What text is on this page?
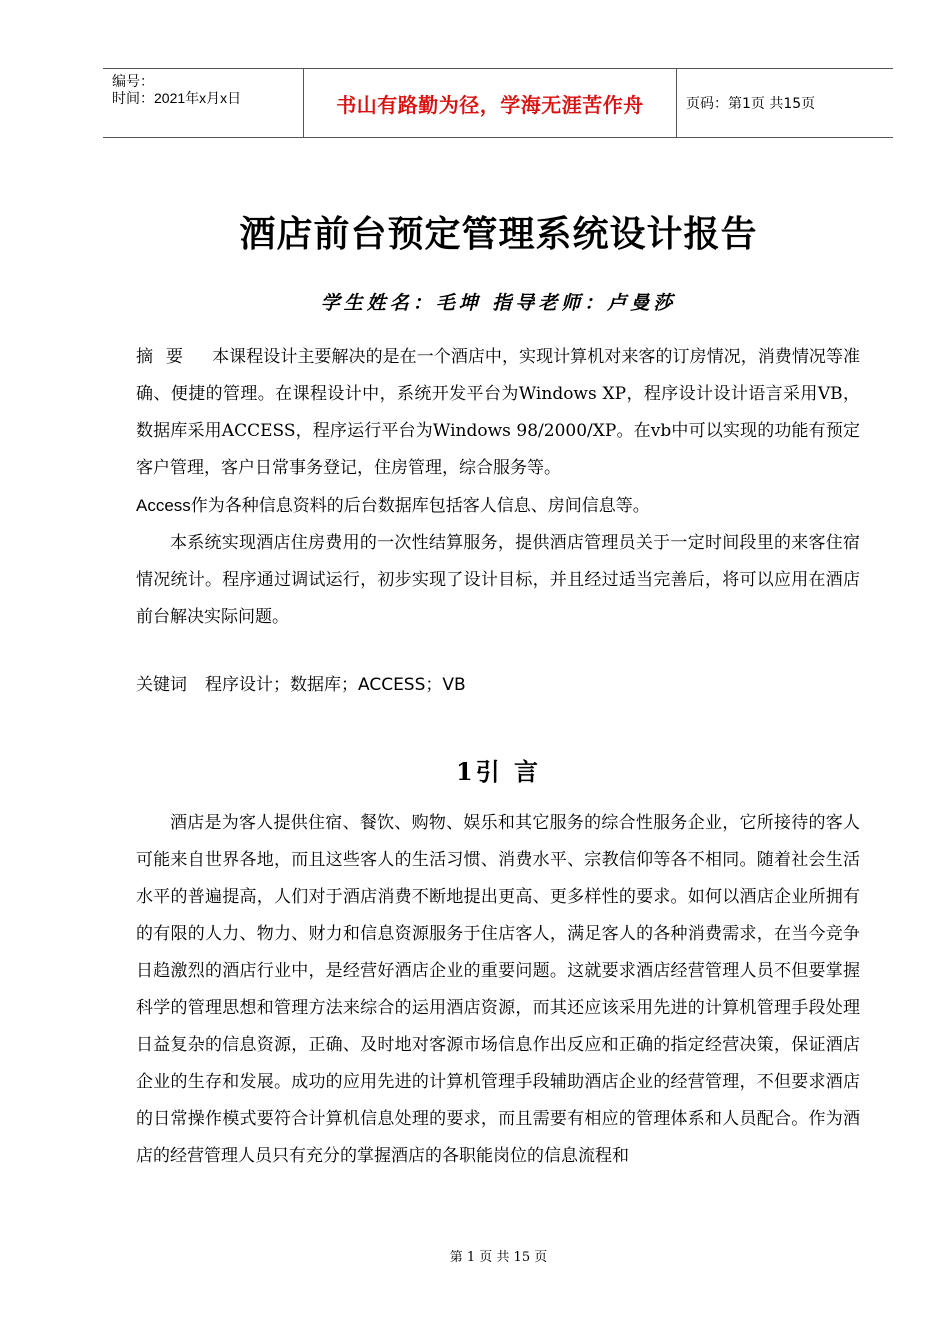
编号：
时间：2021年x月x日	书山有路勤为径，学海无涯苦作舟	页码：第1页 共15页
酒店前台预定管理系统设计报告
学生姓名：毛坤 指导老师：卢曼莎

摘要 本课程设计主要解决的是在一个酒店中，实现计算机对来客的订房情况，消费情况等准确、便捷的管理。在课程设计中，系统开发平台为Windows XP，程序设计设计语言采用VB，数据库采用ACCESS，程序运行平台为Windows 98/2000/XP。在vb中可以实现的功能有预定客户管理，客户日常事务登记，住房管理，综合服务等。
Access作为各种信息资料的后台数据库包括客人信息、房间信息等。

本系统实现酒店住房费用的一次性结算服务，提供酒店管理员关于一定时间段里的来客住宿情况统计。程序通过调试运行，初步实现了设计目标，并且经过适当完善后，将可以应用在酒店前台解决实际问题。

关键词 程序设计；数据库；ACCESS；VB
1引 言

酒店是为客人提供住宿、餐饮、购物、娱乐和其它服务的综合性服务企业，它所接待的客人可能来自世界各地，而且这些客人的生活习惯、消费水平、宗教信仰等各不相同。随着社会生活水平的普遍提高，人们对于酒店消费不断地提出更高、更多样性的要求。如何以酒店企业所拥有的有限的人力、物力、财力和信息资源服务于住店客人，满足客人的各种消费需求，在当今竞争日趋激烈的酒店行业中，是经营好酒店企业的重要问题。这就要求酒店经营管理人员不但要掌握科学的管理思想和管理方法来综合的运用酒店资源，而其还应该采用先进的计算机管理手段处理日益复杂的信息资源，正确、及时地对客源市场信息作出反应和正确的指定经营决策，保证酒店企业的生存和发展。成功的应用先进的计算机管理手段辅助酒店企业的经营管理，不但要求酒店的日常操作模式要符合计算机信息处理的要求，而且需要有相应的管理体系和人员配合。作为酒店的经营管理人员只有充分的掌握酒店的各职能岗位的信息流程和

第 1 页 共 15 页
